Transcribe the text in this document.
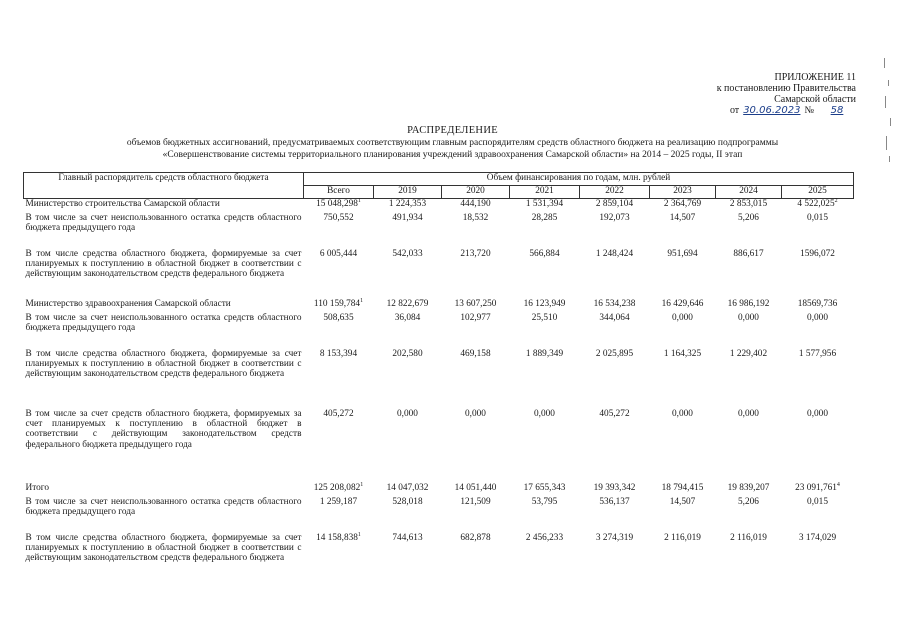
ПРИЛОЖЕНИЕ 11
к постановлению Правительства
Самарской области
от 30.06.2023 №	58
РАСПРЕДЕЛЕНИЕ
объемов бюджетных ассигнований, предусматриваемых соответствующим главным распорядителям средств областного бюджета на реализацию подпрограммы
«Совершенствование системы территориального планирования учреждений здравоохранения Самарской области» на 2014 – 2025 годы, II этап
Главный распорядитель средств областного бюджета	Объем финансирования по годам, млн. рублей							
	Всего	2019	2020	2021	2022	2023	2024	2025
Министерство строительства Самарской области	15 048,298$^1$	1 224,353	444,190	1 531,394	2 859,104	2 364,769	2 853,015	4 522,025$^2$
В том числе за счет неиспользованного остатка средств областного бюджета предыдущего года	750,552	491,934	18,532	28,285	192,073	14,507	5,206	0,015
В том числе средства областного бюджета, формируемые за счет планируемых к поступлению в областной бюджет в соответствии с действующим законодательством средств федерального бюджета	6 005,444	542,033	213,720	566,884	1 248,424	951,694	886,617	1596,072
Министерство здравоохранения Самарской области	110 159,784$^1$	12 822,679	13 607,250	16 123,949	16 534,238	16 429,646	16 986,192	18569,736
В том числе за счет неиспользованного остатка средств областного бюджета предыдущего года	508,635	36,084	102,977	25,510	344,064	0,000	0,000	0,000
В том числе средства областного бюджета, формируемые за счет планируемых к поступлению в областной бюджет в соответствии с действующим законодательством средств федерального бюджета	8 153,394	202,580	469,158	1 889,349	2 025,895	1 164,325	1 229,402	1 577,956
В том числе за счет средств областного бюджета, формируемых за счет планируемых к поступлению в областной бюджет в соответствии с действующим законодательством средств федерального бюджета предыдущего года	405,272	0,000	0,000	0,000	405,272	0,000	0,000	0,000
Итого	125 208,082$^1$	14 047,032	14 051,440	17 655,343	19 393,342	18 794,415	19 839,207	23 091,761$^4$
В том числе за счет неиспользованного остатка средств областного бюджета предыдущего года	1 259,187	528,018	121,509	53,795	536,137	14,507	5,206	0,015
В том числе средства областного бюджета, формируемые за счет планируемых к поступлению в областной бюджет в соответствии с действующим законодательством средств федерального бюджета	14 158,838$^1$	744,613	682,878	2 456,233	3 274,319	2 116,019	2 116,019	3 174,029
